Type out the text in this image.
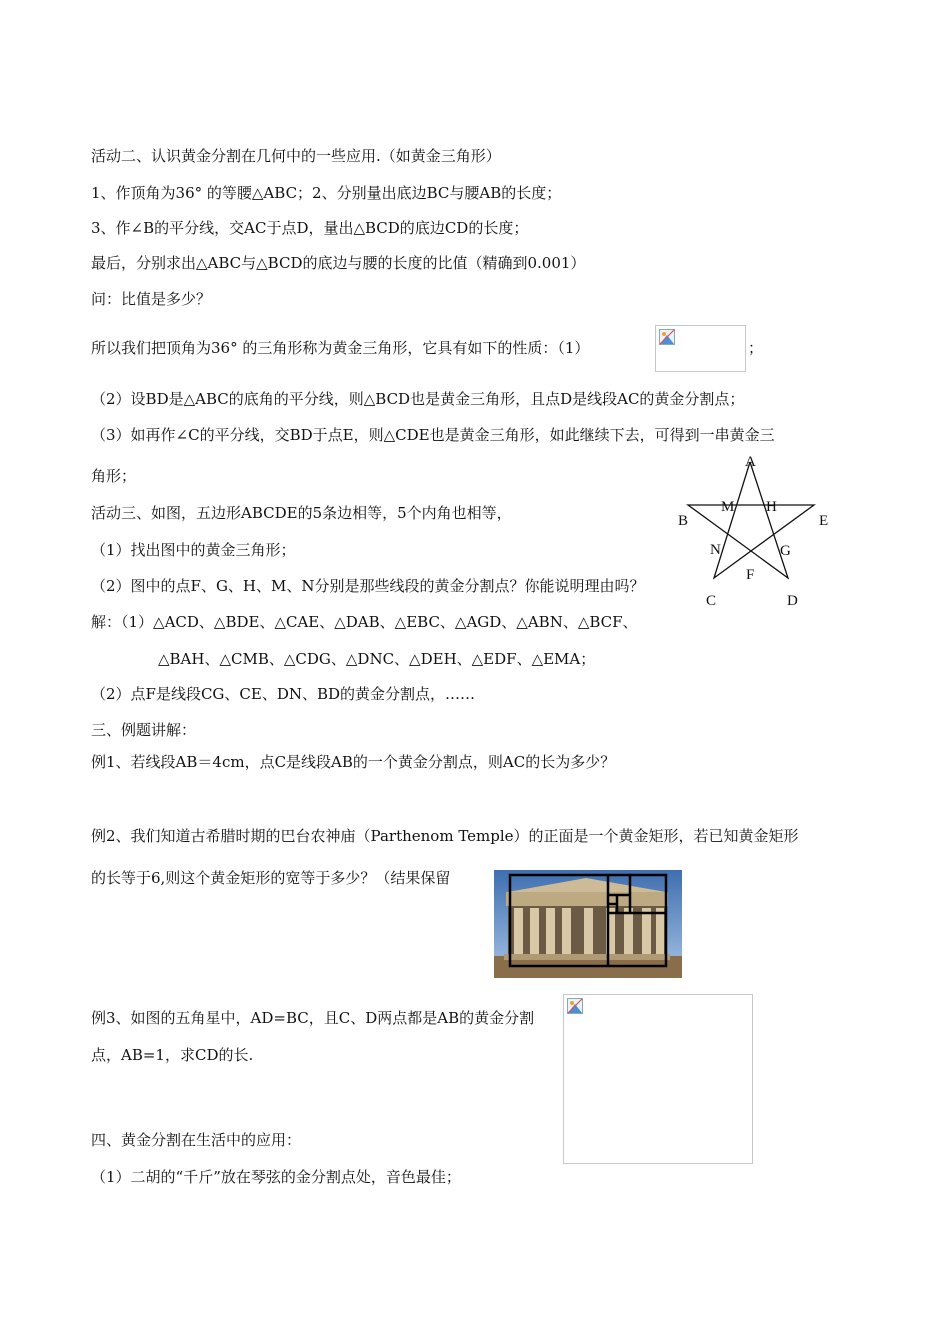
活动二、认识黄金分割在几何中的一些应用.（如黄金三角形）
1、作顶角为36° 的等腰△ABC；2、分别量出底边BC与腰AB的长度；
3、作∠B的平分线，交AC于点D，量出△BCD的底边CD的长度；
最后，分别求出△ABC与△BCD的底边与腰的长度的比值（精确到0.001）
问：比值是多少？
所以我们把顶角为36° 的三角形称为黄金三角形，它具有如下的性质：（1）	；
（2）设BD是△ABC的底角的平分线，则△BCD也是黄金三角形，且点D是线段AC的黄金分割点；
（3）如再作∠C的平分线，交BD于点E，则△CDE也是黄金三角形，如此继续下去，可得到一串黄金三
角形；
活动三、如图，五边形ABCDE的5条边相等，5个内角也相等，
（1）找出图中的黄金三角形；
（2）图中的点F、G、H、M、N分别是那些线段的黄金分割点？你能说明理由吗？
解：（1）△ACD、△BDE、△CAE、△DAB、△EBC、△AGD、△ABN、△BCF、
△BAH、△CMB、△CDG、△DNC、△DEH、△EDF、△EMA；
（2）点F是线段CG、CE、DN、BD的黄金分割点，……
A
B	E
M H
N	G
F
C	D
三、例题讲解：
例1、若线段AB＝4cm，点C是线段AB的一个黄金分割点，则AC的长为多少？
例2、我们知道古希腊时期的巴台农神庙（Parthenom Temple）的正面是一个黄金矩形，若已知黄金矩形
的长等于6,则这个黄金矩形的宽等于多少？（结果保留
例3、如图的五角星中，AD=BC，且C、D两点都是AB的黄金分割
点，AB=1，求CD的长.
四、黄金分割在生活中的应用：
（1）二胡的“千斤”放在琴弦的金分割点处，音色最佳；
